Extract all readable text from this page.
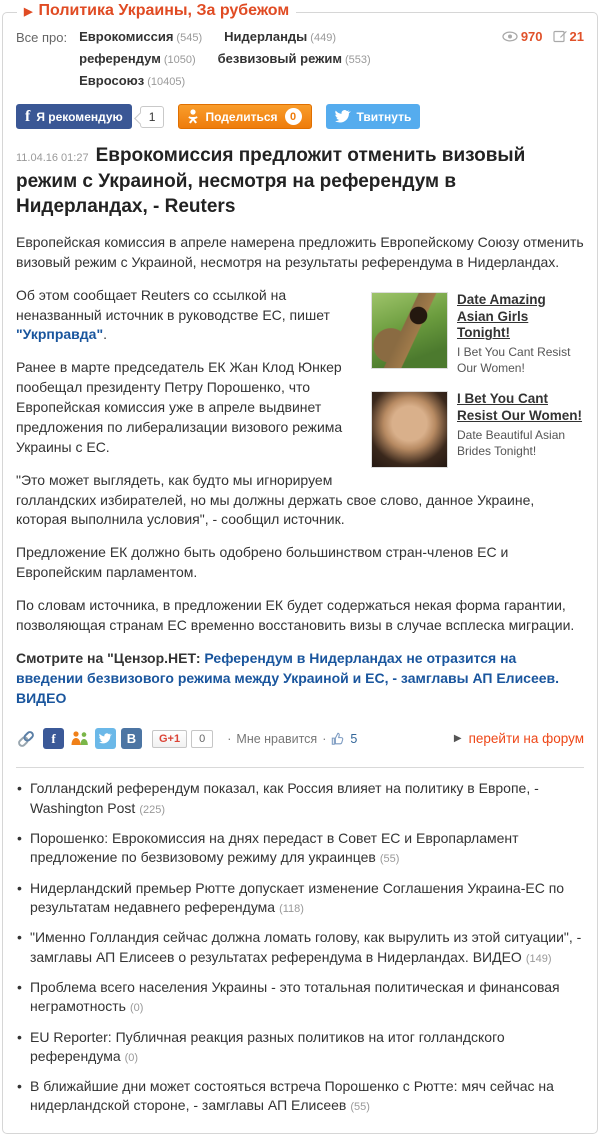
▶ Политика Украины, За рубежом
Все про: Еврокомиссия (545) Нидерланды (449)
референдум (1050) безвизовый режим (553)
Евросоюз (10405)
970 21
f Я рекомендую	1	Поделиться	0	Твитнуть
11.04.16 01:27 Еврокомиссия предложит отменить визовый режим с Украиной, несмотря на референдум в Нидерландах, - Reuters

Европейская комиссия в апреле намерена предложить Европейскому Союзу отменить визовый режим с Украиной, несмотря на результаты референдума в Нидерландах.

Date Amazing Asian Girls Tonight!
I Bet You Cant Resist Our Women!
I Bet You Cant Resist Our Women!
Date Beautiful Asian Brides Tonight!

Об этом сообщает Reuters со ссылкой на неназванный источник в руководстве ЕС, пишет "Укрправда".

Ранее в марте председатель ЕК Жан Клод Юнкер пообещал президенту Петру Порошенко, что Европейская комиссия уже в апреле выдвинет предложения по либерализации визового режима Украины с ЕС.

"Это может выглядеть, как будто мы игнорируем голландских избирателей, но мы должны держать свое слово, данное Украине, которая выполнила условия", - сообщил источник.

Предложение ЕК должно быть одобрено большинством стран-членов ЕС и Европейским парламентом.

По словам источника, в предложении ЕК будет содержаться некая форма гарантии, позволяющая странам ЕС временно восстановить визы в случае всплеска миграции.

Смотрите на "Цензор.НЕТ: Референдум в Нидерландах не отразится на введении безвизового режима между Украиной и ЕС, - замглавы АП Елисеев. ВИДЕО

f	B	G+1	0	· Мне нравится · 5	▶ перейти на форум
• Голландский референдум показал, как Россия влияет на политику в Европе, - Washington Post (225)
• Порошенко: Еврокомиссия на днях передаст в Совет ЕС и Европарламент предложение по безвизовому режиму для украинцев (55)
• Нидерландский премьер Рютте допускает изменение Соглашения Украина-ЕС по результатам недавнего референдума (118)
• "Именно Голландия сейчас должна ломать голову, как вырулить из этой ситуации", - замглавы АП Елисеев о результатах референдума в Нидерландах. ВИДЕО (149)
• Проблема всего населения Украины - это тотальная политическая и финансовая неграмотность (0)
• EU Reporter: Публичная реакция разных политиков на итог голландского референдума (0)
• В ближайшие дни может состояться встреча Порошенко с Рютте: мяч сейчас на нидерландской стороне, - замглавы АП Елисеев (55)
